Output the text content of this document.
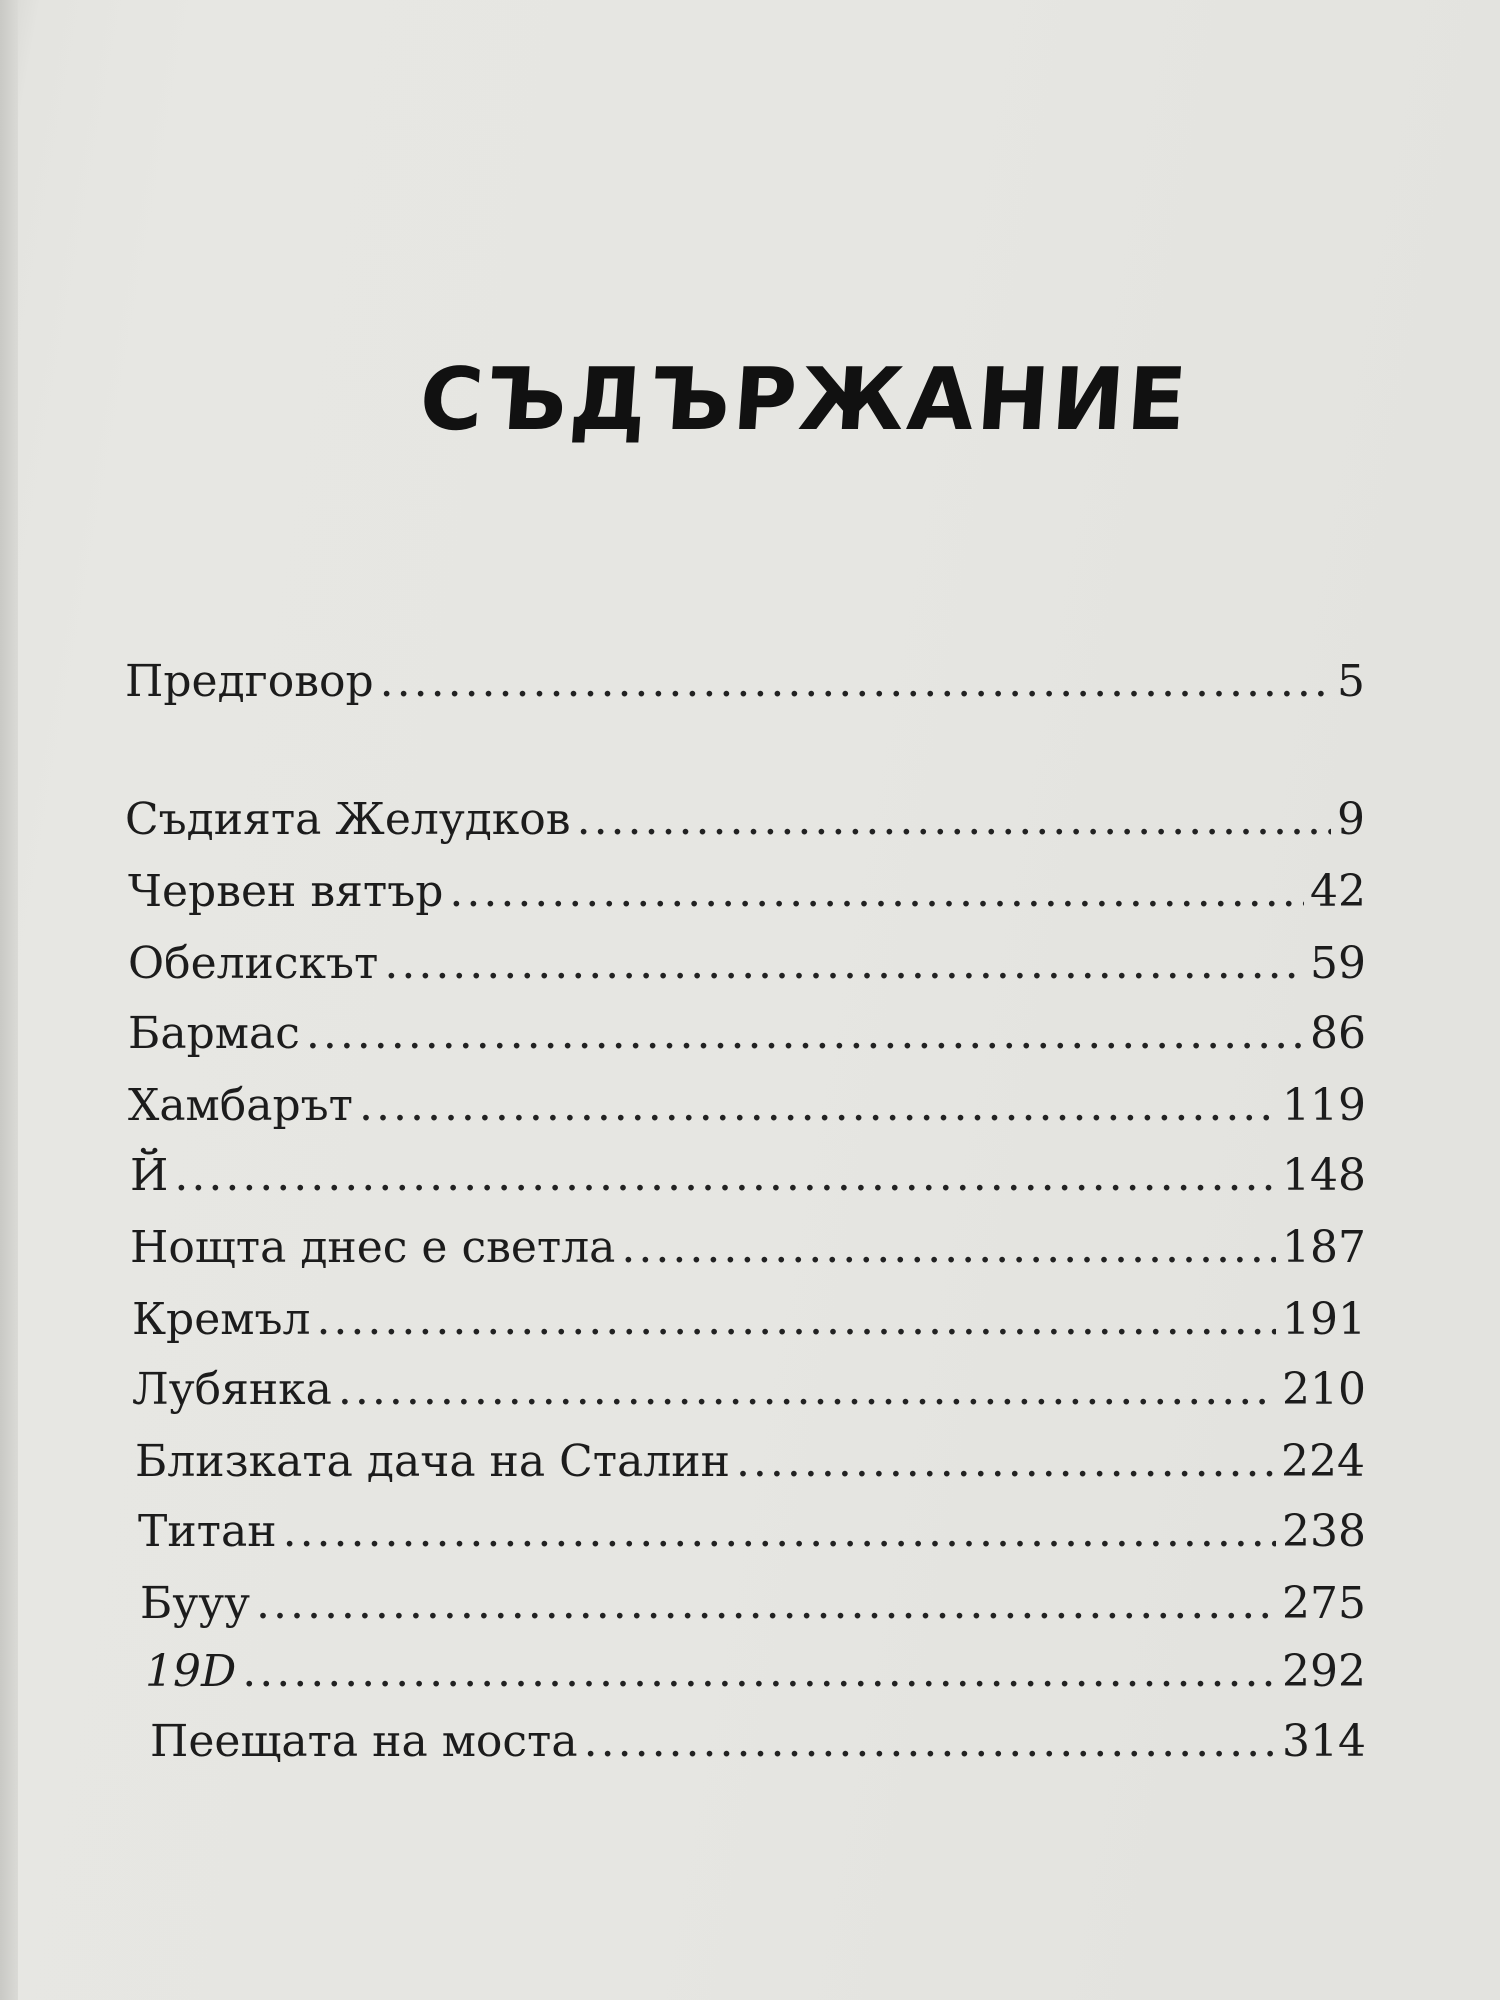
СЪДЪРЖАНИЕ
Предговор .....	5
Съдията Желудков .....	9
Червен вятър .....	42
Обелискът .....	59
Бармас .....	86
Хамбарът .....	119
Й .....	148
Нощта днес е светла .....	187
Кремъл .....	191
Лубянка .....	210
Близката дача на Сталин .....	224
Титан .....	238
Бууу .....	275
19D .....	292
Пеещата на моста .....	314
